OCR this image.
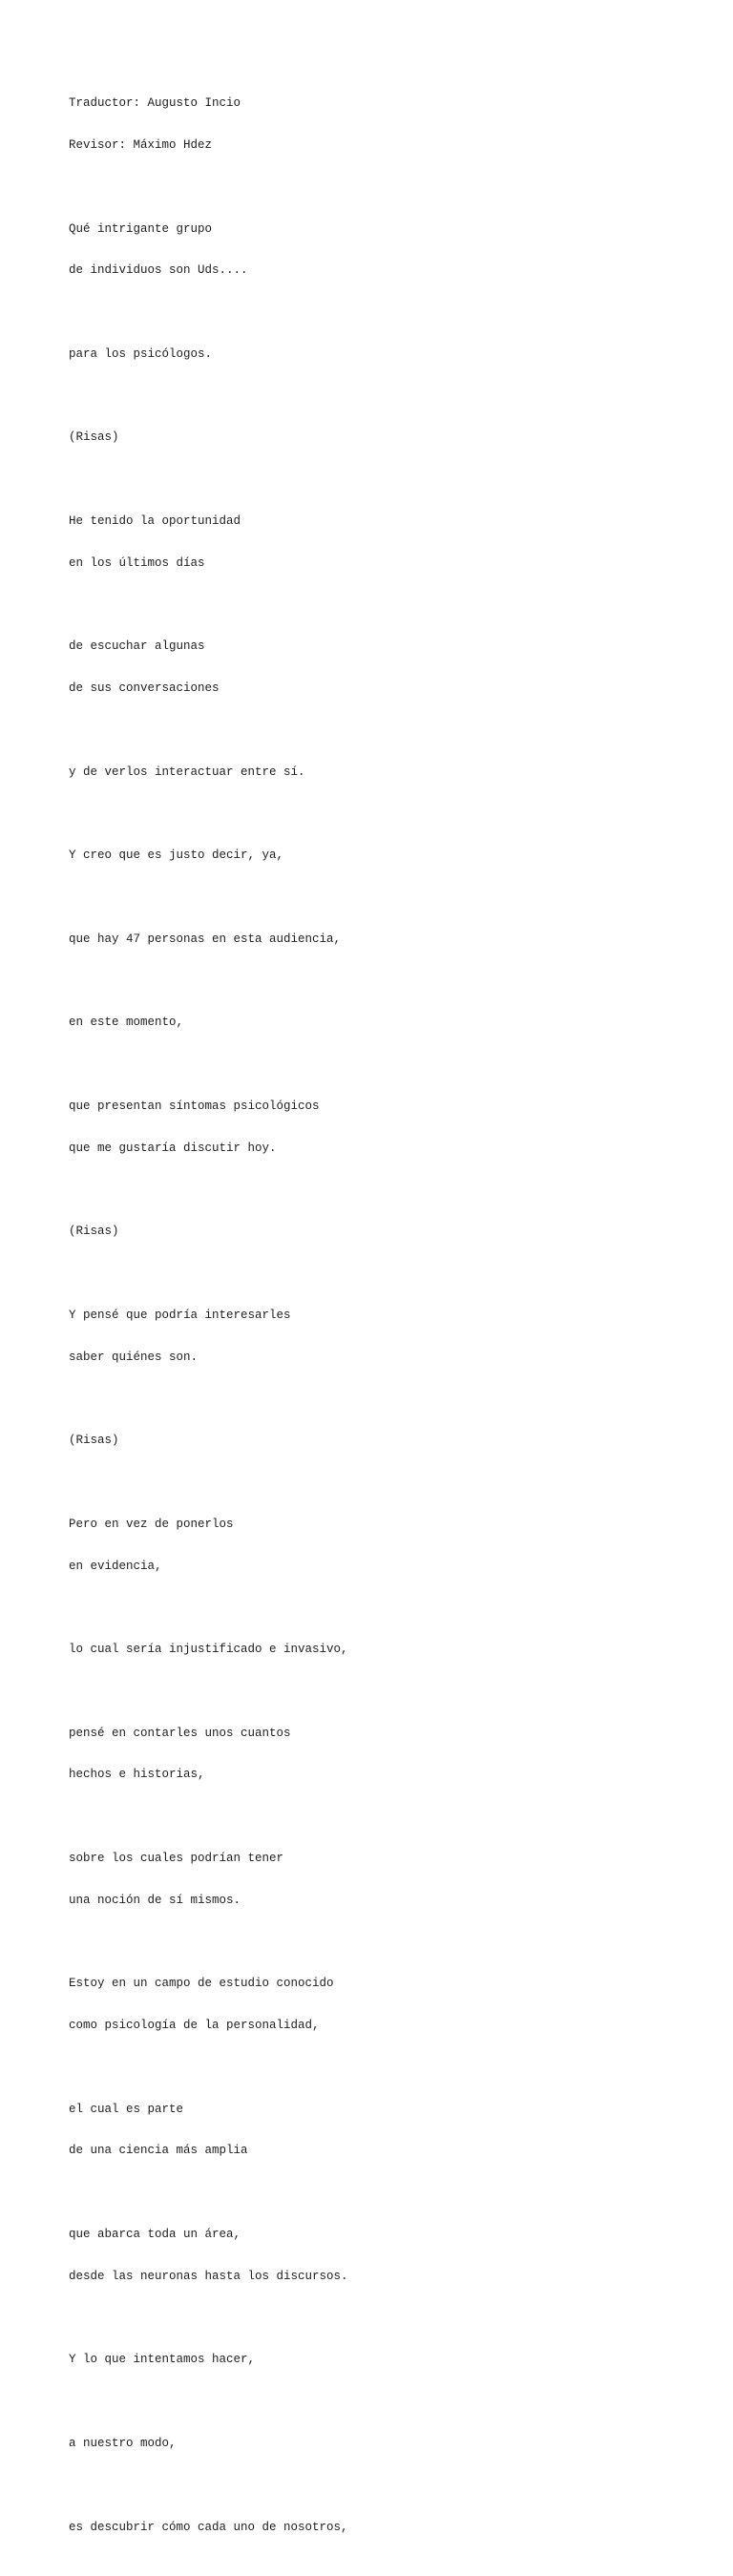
Traductor: Augusto Incio

Revisor: Máximo Hdez

Qué intrigante grupo

de individuos son Uds....

para los psicólogos.

(Risas)

He tenido la oportunidad

en los últimos días

de escuchar algunas

de sus conversaciones

y de verlos interactuar entre sí.

Y creo que es justo decir, ya,

que hay 47 personas en esta audiencia,

en este momento,

que presentan síntomas psicológicos

que me gustaría discutir hoy.

(Risas)

Y pensé que podría interesarles

saber quiénes son.

(Risas)

Pero en vez de ponerlos

en evidencia,

lo cual sería injustificado e invasivo,

pensé en contarles unos cuantos

hechos e historias,

sobre los cuales podrían tener

una noción de sí mismos.

Estoy en un campo de estudio conocido

como psicología de la personalidad,

el cual es parte

de una ciencia más amplia

que abarca toda un área,

desde las neuronas hasta los discursos.

Y lo que intentamos hacer,

a nuestro modo,

es descubrir cómo cada uno de nosotros,
